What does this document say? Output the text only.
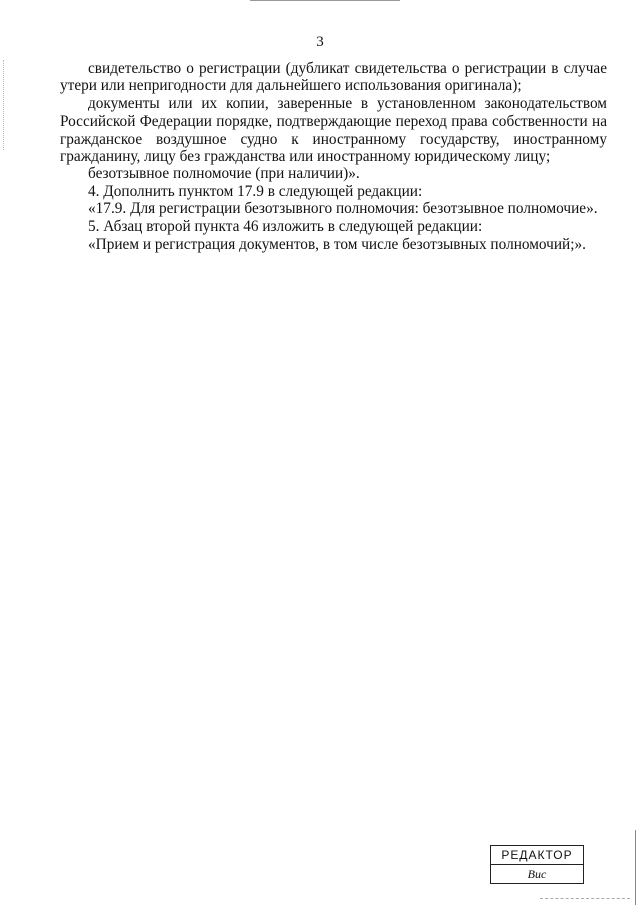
3
свидетельство о регистрации (дубликат свидетельства о регистрации в случае
утери или непригодности для дальнейшего использования оригинала);
документы или их копии, заверенные в установленном законодательством
Российской Федерации порядке, подтверждающие переход права собственности на
гражданское воздушное судно к иностранному государству, иностранному
гражданину, лицу без гражданства или иностранному юридическому лицу;
безотзывное полномочие (при наличии)».
4. Дополнить пунктом 17.9 в следующей редакции:
«17.9. Для регистрации безотзывного полномочия: безотзывное полномочие».
5. Абзац второй пункта 46 изложить в следующей редакции:
«Прием и регистрация документов, в том числе безотзывных полномочий;».
РЕДАКТОР
Вис
